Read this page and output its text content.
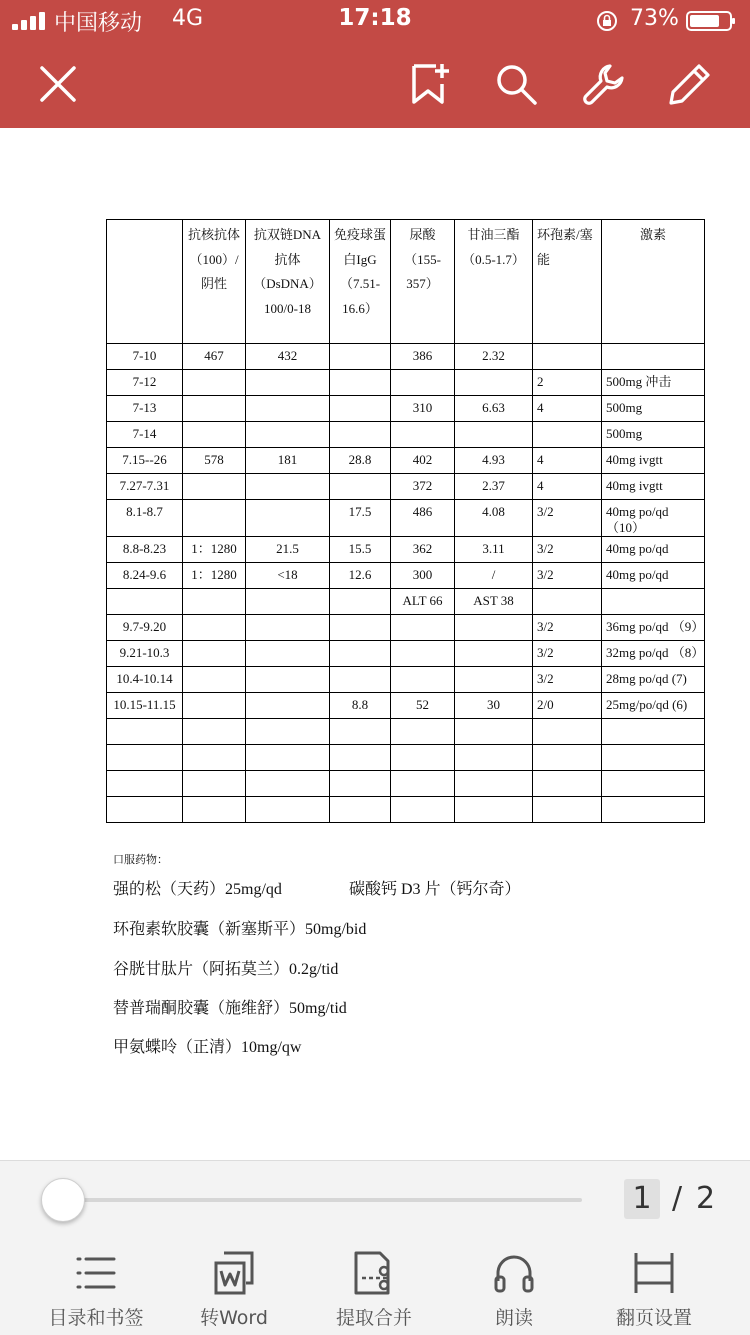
中国移动 4G	17:18	73%
	抗核抗体（100）/阴性	抗双链DNA抗体（DsDNA）100/0-18	免疫球蛋白IgG（7.51-16.6）	尿酸（155-357）	甘油三酯（0.5-1.7）	环孢素/塞能	激素
7-10	467	432		386	2.32		
7-12						2	500mg 冲击
7-13				310	6.63	4	500mg
7-14							500mg
7.15--26	578	181	28.8	402	4.93	4	40mg ivgtt
7.27-7.31				372	2.37	4	40mg ivgtt
8.1-8.7			17.5	486	4.08	3/2	40mg po/qd（10）
8.8-8.23	1：1280	21.5	15.5	362	3.11	3/2	40mg po/qd
8.24-9.6	1：1280	<18	12.6	300	/	3/2	40mg po/qd
				ALT 66	AST 38		
9.7-9.20						3/2	36mg po/qd （9）
9.21-10.3						3/2	32mg po/qd （8）
10.4-10.14						3/2	28mg po/qd (7)
10.15-11.15			8.8	52	30	2/0	25mg/po/qd (6)

口服药物：
强的松（天药）25mg/qd	碳酸钙 D3 片（钙尔奇）
环孢素软胶囊（新塞斯平）50mg/bid
谷胱甘肽片（阿拓莫兰）0.2g/tid
替普瑞酮胶囊（施维舒）50mg/tid
甲氨蝶呤（正清）10mg/qw
1 / 2
目录和书签	转Word	提取合并	朗读	翻页设置
